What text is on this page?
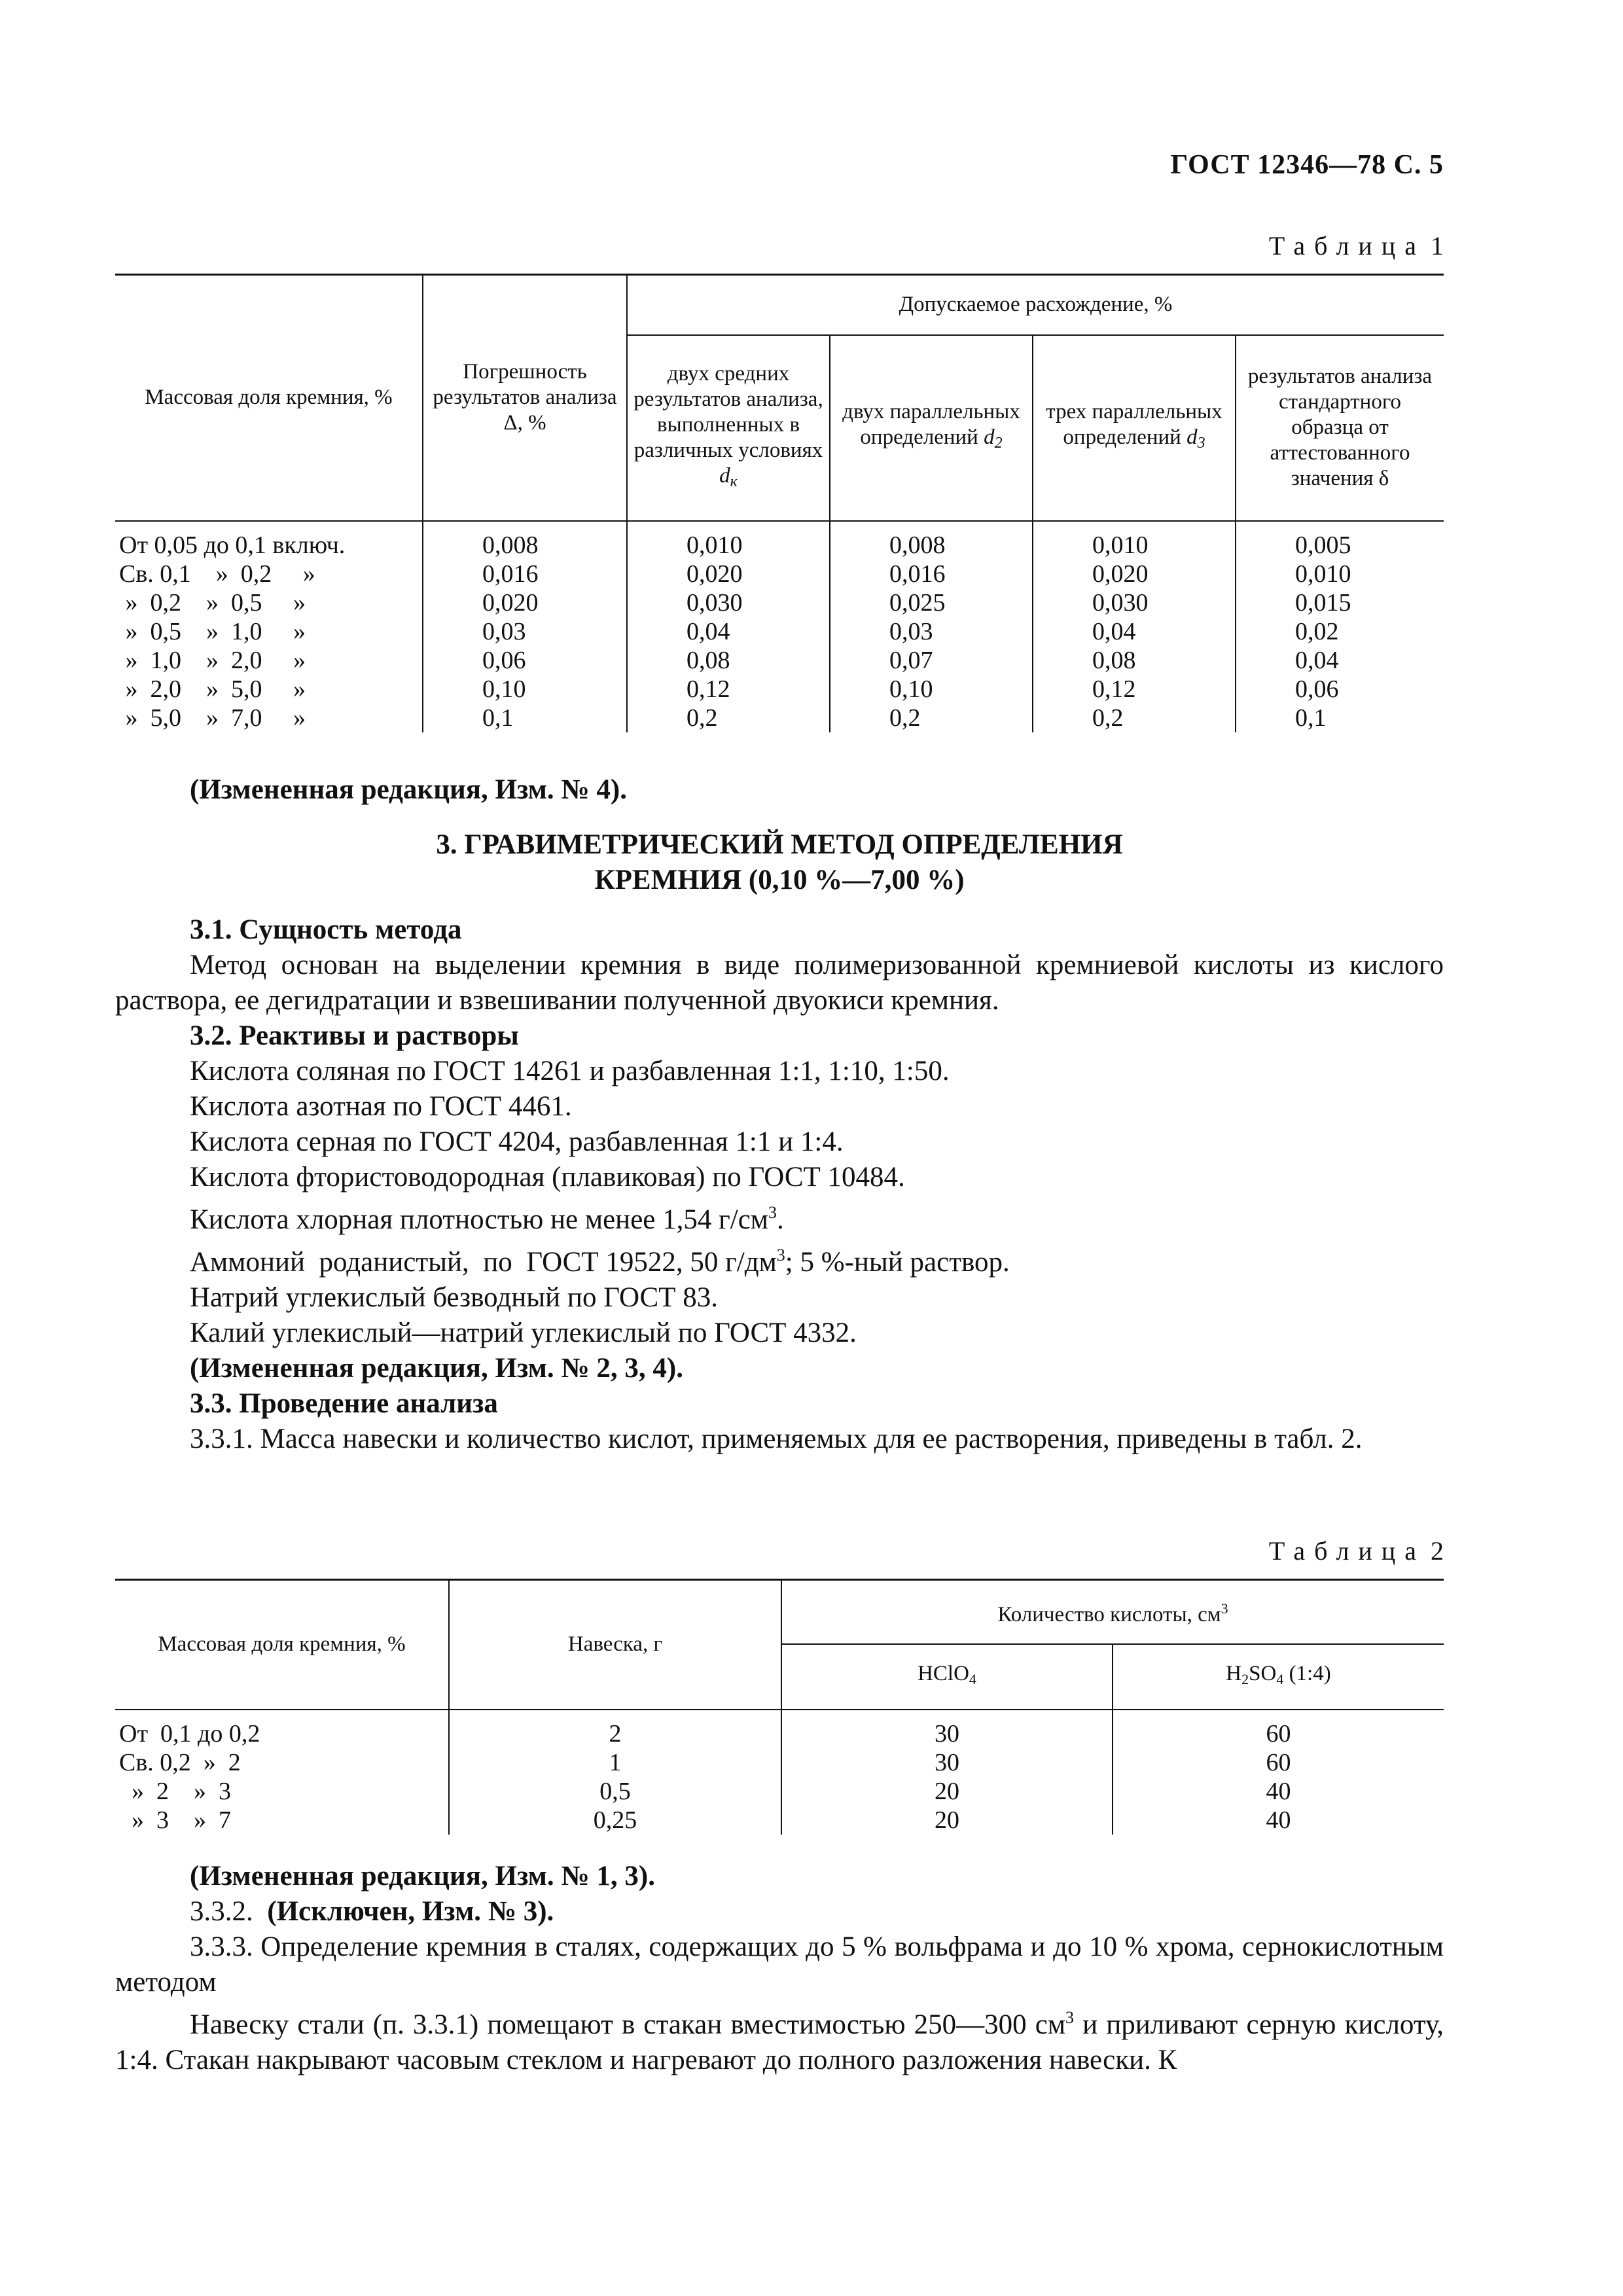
ГОСТ 12346—78 С. 5
Таблица 1
Массовая доля кремния, %	Погрешность результатов анализа Δ, %	Допускаемое расхождение, %			
		двух средних результатов анализа, выполненных в различных условиях $d_к$	двух параллельных определений $d_2$	трех параллельных определений $d_3$	результатов анализа стандартного образца от аттестованного значения δ
От 0,05 до 0,1 включ.	0,008	0,010	0,008	0,010	0,005
Св. 0,1    »  0,2     »	0,016	0,020	0,016	0,020	0,010
»  0,2    »  0,5     »	0,020	0,030	0,025	0,030	0,015
»  0,5    »  1,0     »	0,03	0,04	0,03	0,04	0,02
»  1,0    »  2,0     »	0,06	0,08	0,07	0,08	0,04
»  2,0    »  5,0     »	0,10	0,12	0,10	0,12	0,06
»  5,0    »  7,0     »	0,1	0,2	0,2	0,2	0,1

(Измененная редакция, Изм. № 4).

3. ГРАВИМЕТРИЧЕСКИЙ МЕТОД ОПРЕДЕЛЕНИЯ
КРЕМНИЯ (0,10 %—7,00 %)

3.1. Сущность метода

Метод основан на выделении кремния в виде полимеризованной кремниевой кислоты из кислого раствора, ее дегидратации и взвешивании полученной двуокиси кремния.

3.2. Реактивы и растворы

Кислота соляная по ГОСТ 14261 и разбавленная 1:1, 1:10, 1:50.

Кислота азотная по ГОСТ 4461.

Кислота серная по ГОСТ 4204, разбавленная 1:1 и 1:4.

Кислота фтористоводородная (плавиковая) по ГОСТ 10484.

Кислота хлорная плотностью не менее 1,54 $г/см^3$.

Аммоний  роданистый,  по  ГОСТ 19522, 50 $г/дм^3$; 5 %-ный раствор.

Натрий углекислый безводный по ГОСТ 83.

Калий углекислый—натрий углекислый по ГОСТ 4332.

(Измененная редакция, Изм. № 2, 3, 4).

3.3. Проведение анализа

3.3.1. Масса навески и количество кислот, применяемых для ее растворения, приведены в табл. 2.

Таблица 2
Массовая доля кремния, %	Навеска, г	Количество кислоты, $см^3$
		HClO4	H2SO4 (1:4)
От  0,1 до 0,2	2	30	60
Св. 0,2  »  2	1	30	60
»  2    »  3	0,5	20	40
»  3    »  7	0,25	20	40

(Измененная редакция, Изм. № 1, 3).

3.3.2.  (Исключен, Изм. № 3).

3.3.3. Определение кремния в сталях, содержащих до 5 % вольфрама и до 10 % хрома, сернокислотным методом

Навеску стали (п. 3.3.1) помещают в стакан вместимостью 250—300 $см^3$ и приливают серную кислоту, 1:4. Стакан накрывают часовым стеклом и нагревают до полного разложения навески. К
